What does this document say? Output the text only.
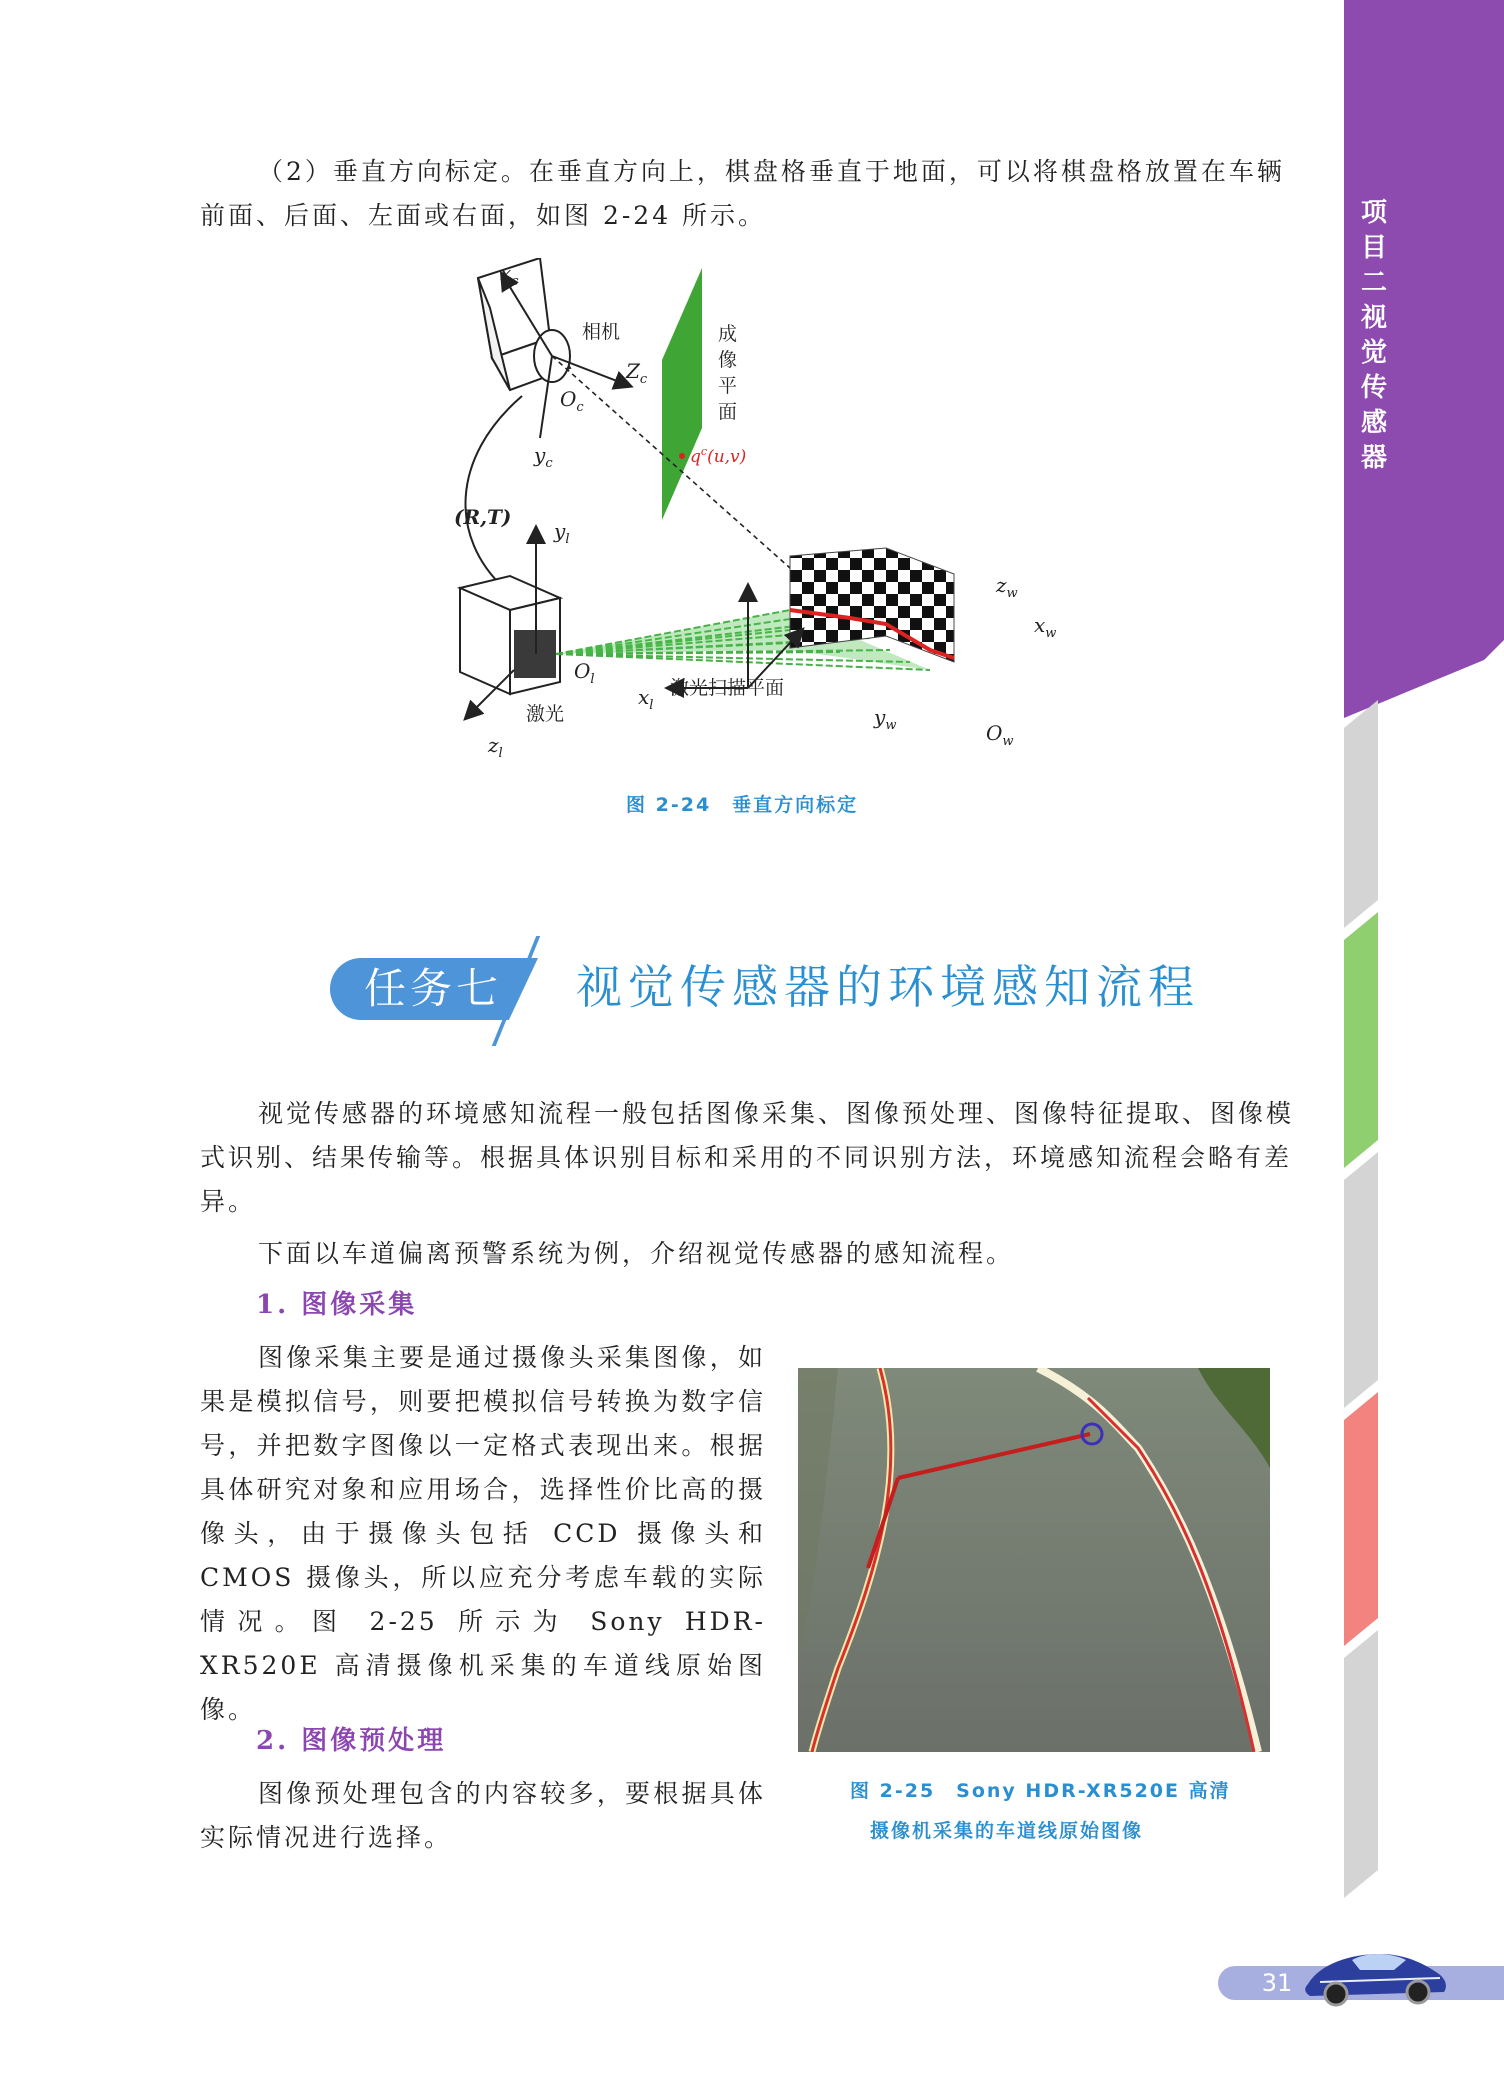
项目二 视觉传感器
（2）垂直方向标定。在垂直方向上，棋盘格垂直于地面，可以将棋盘格放置在车辆前面、后面、左面或右面，如图 2-24 所示。
$x_c$
相机
$Z_c$
$O_c$
$y_c$
成
像
平
面
$q^c(u,v)$
(R,T)
$y_l$
$O_l$
$x_l$
激光扫描平面
激光
$z_l$
$z_w$
$x_w$
$y_w$	$O_w$
图 2-24　垂直方向标定
任务七 视觉传感器的环境感知流程
视觉传感器的环境感知流程一般包括图像采集、图像预处理、图像特征提取、图像模式识别、结果传输等。根据具体识别目标和采用的不同识别方法，环境感知流程会略有差异。
下面以车道偏离预警系统为例，介绍视觉传感器的感知流程。
1. 图像采集
图像采集主要是通过摄像头采集图像，如果是模拟信号，则要把模拟信号转换为数字信号，并把数字图像以一定格式表现出来。根据具体研究对象和应用场合，选择性价比高的摄像头，由于摄像头包括 CCD 摄像头和 CMOS 摄像头，所以应充分考虑车载的实际情况。图 2-25 所示为 Sony HDR-XR520E 高清摄像机采集的车道线原始图像。
图 2-25　Sony HDR-XR520E 高清
摄像机采集的车道线原始图像
2. 图像预处理
图像预处理包含的内容较多，要根据具体实际情况进行选择。
31
